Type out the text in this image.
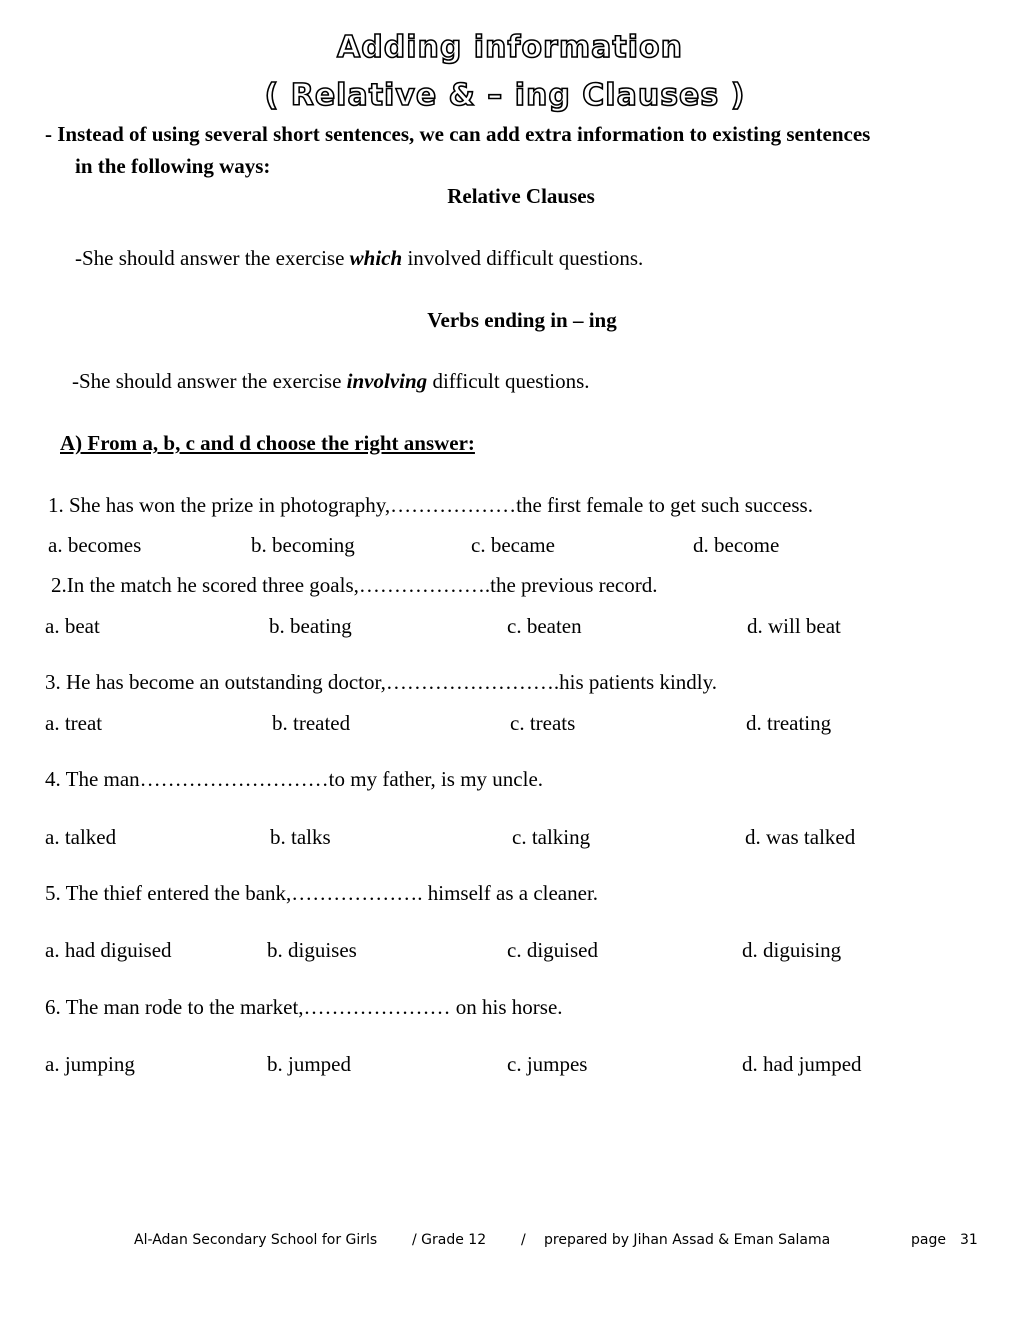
Adding information
( Relative & – ing Clauses )
- Instead of using several short sentences, we can add extra information to existing sentences
in the following ways:
Relative Clauses
-She should answer the exercise which involved difficult questions.
Verbs ending in – ing
-She should answer the exercise involving difficult questions.
A) From a, b, c and d choose the right answer:
1. She has won the prize in photography,………………the first female to get such success.
a. becomes	b. becoming	c. became	d. become
2.In the match he scored three goals,……………….the previous record.
a. beat	b. beating	c. beaten	d. will beat
3. He has become an outstanding doctor,…………………….his patients kindly.
a. treat	b. treated	c. treats	d. treating
4. The man………………………to my father, is my uncle.
a. talked	b. talks	c. talking	d. was talked
5. The thief entered the bank,………………. himself as a cleaner.
a. had diguised	b. diguises	c. diguised	d. diguising
6. The man rode to the market,………………… on his horse.
a. jumping	b. jumped	c. jumpes	d. had jumped
Al-Adan Secondary School for Girls / Grade 12 / prepared by Jihan Assad & Eman Salama	page 31
